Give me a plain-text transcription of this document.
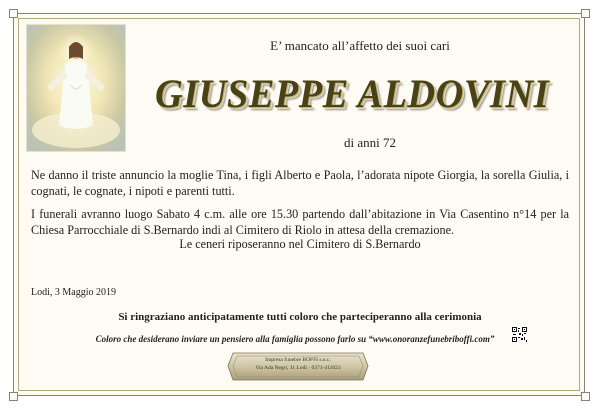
E’ mancato all’affetto dei suoi cari
GIUSEPPE ALDOVINI
di anni 72
Ne danno il triste annuncio la moglie Tina, i figli Alberto e Paola, l’adorata nipote Giorgia, la sorella Giulia, i cognati, le cognate, i nipoti e parenti tutti.
I funerali avranno luogo Sabato 4 c.m. alle ore 15.30 partendo dall’abitazione in Via Casentino n°14 per la Chiesa Parrocchiale di S.Bernardo indi al Cimitero di Riolo in attesa della cremazione.
Le ceneri riposeranno nel Cimitero di S.Bernardo
Lodi, 3 Maggio 2019
Si ringraziano anticipatamente tutti coloro che parteciperanno alla cerimonia
Coloro che desiderano inviare un pensiero alla famiglia possono farlo su “www.onoranzefunebriboffi.com”
Impresa funebre BOFFI s.n.c.
Via Ada Negri, 11 Lodi · 0371-411023
